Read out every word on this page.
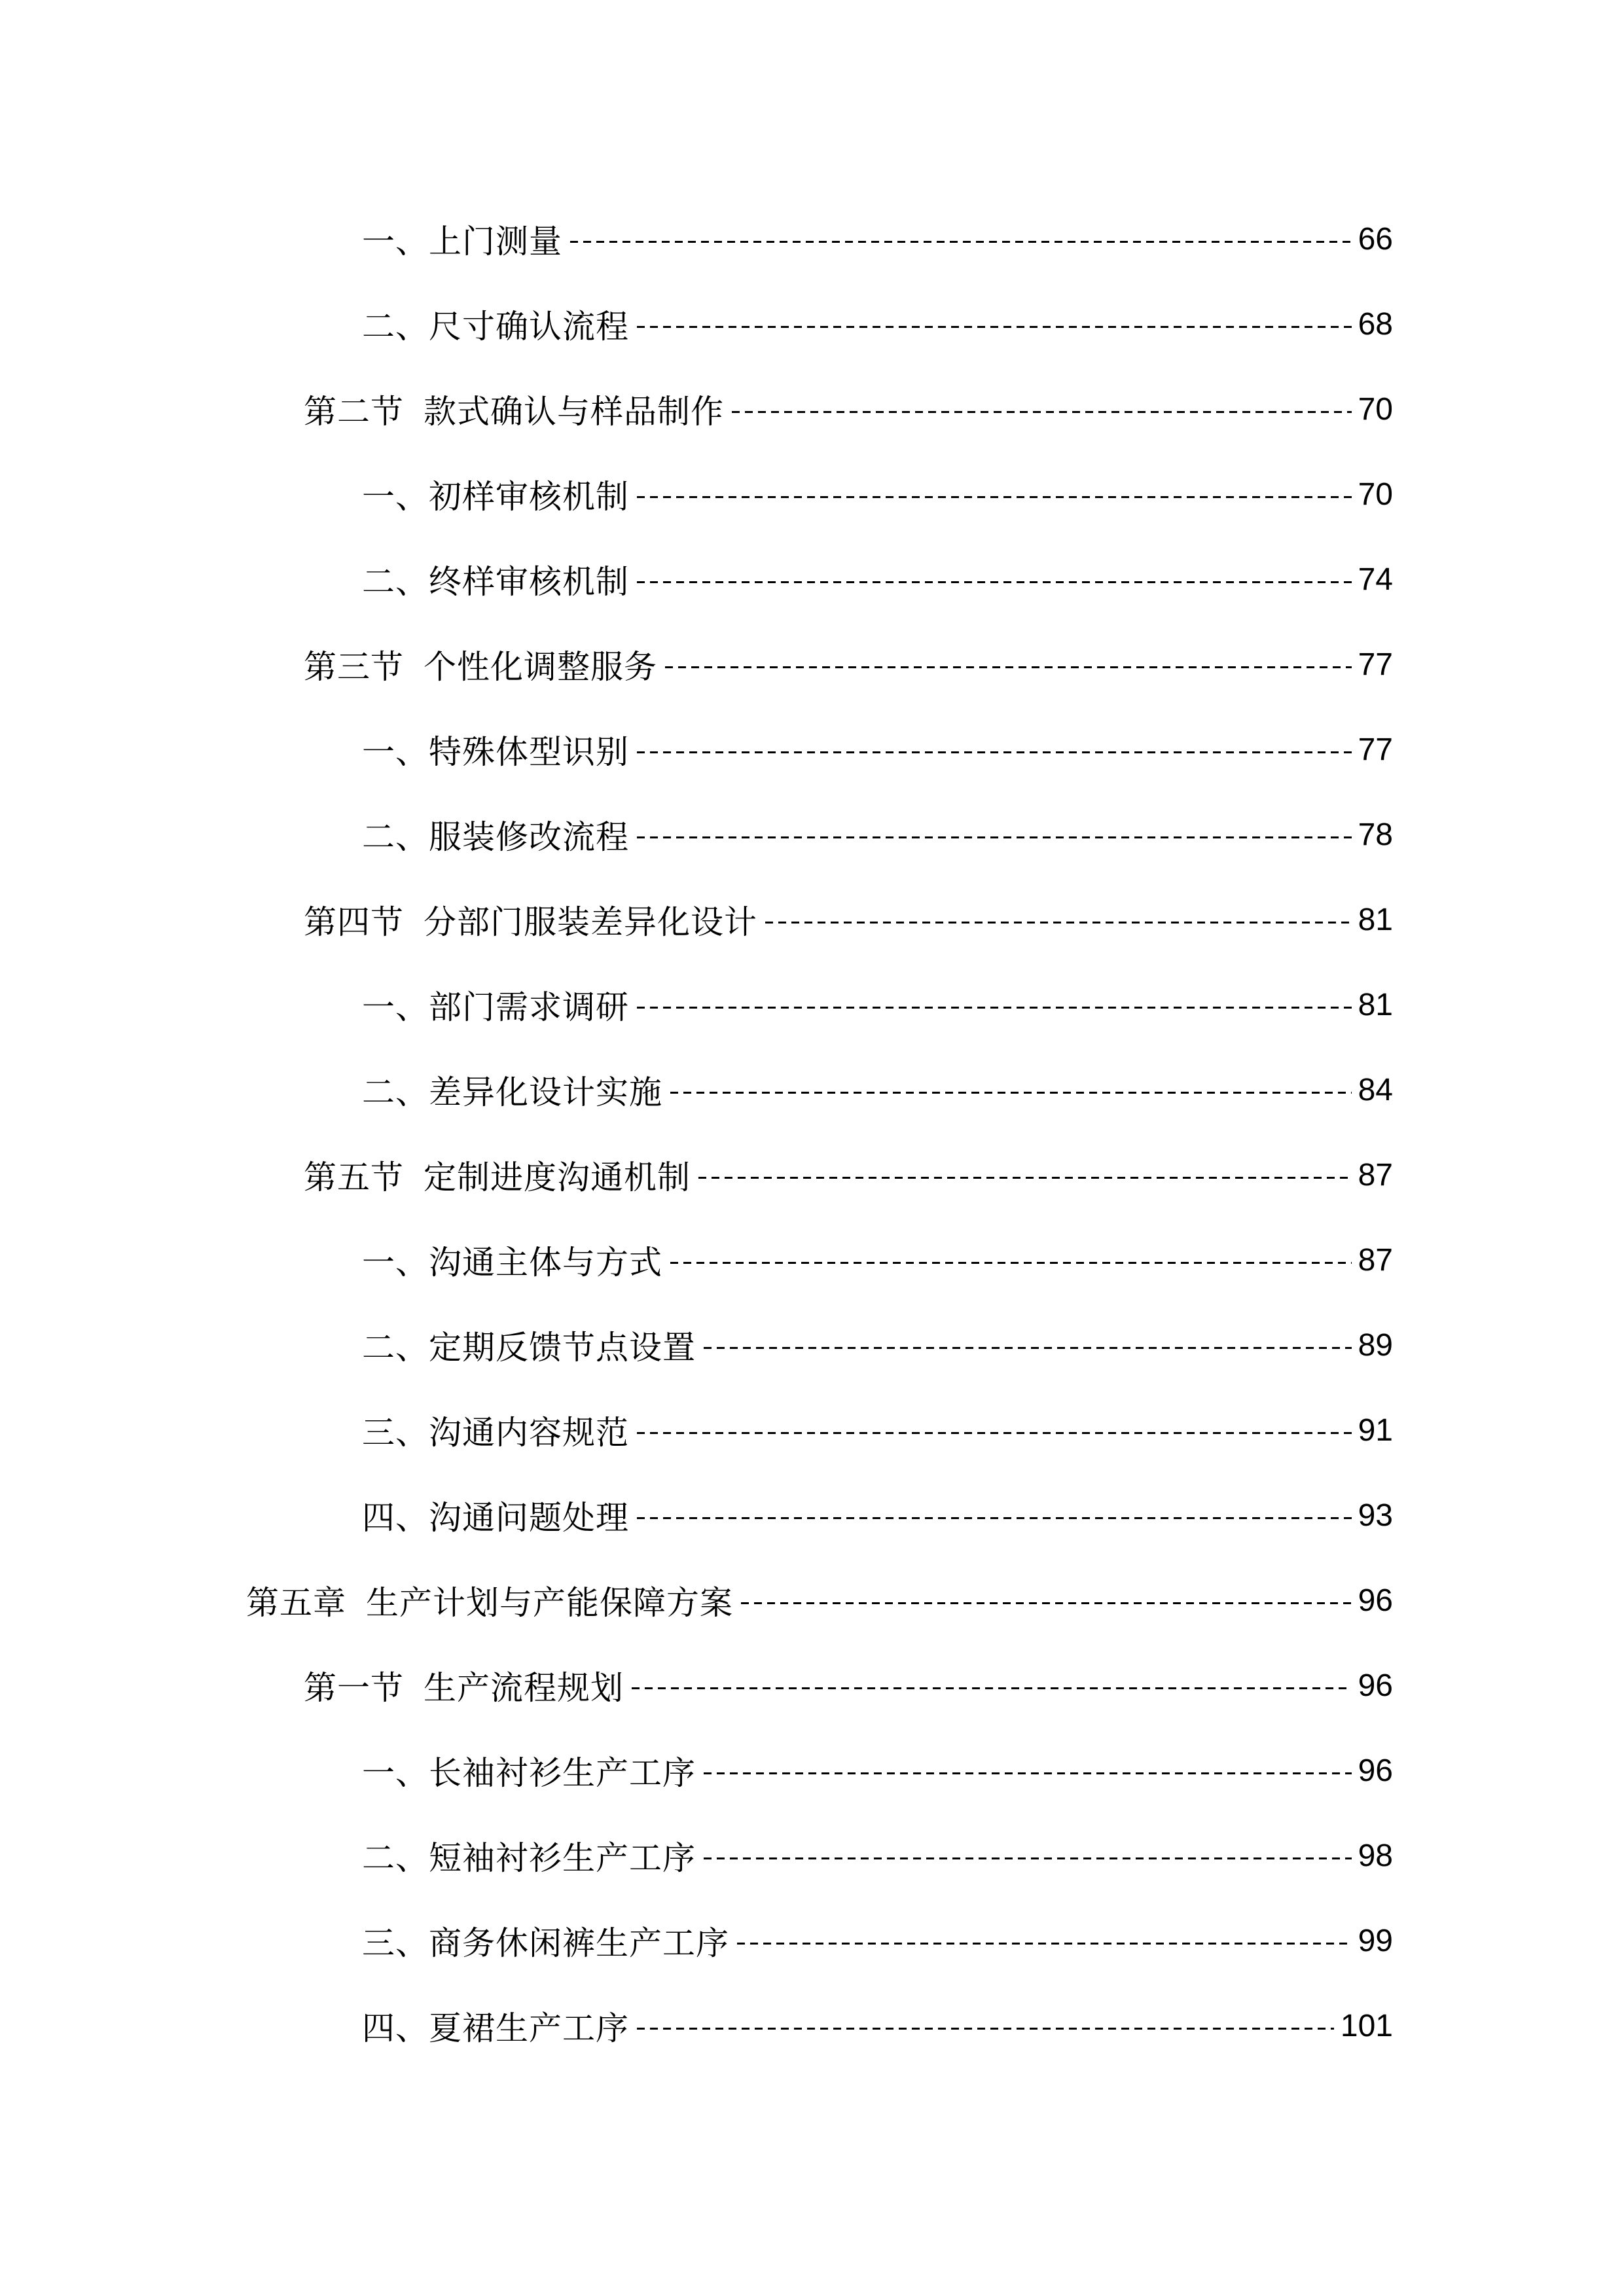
一、上门测量	66
二、尺寸确认流程	68
第二节 款式确认与样品制作	70
一、初样审核机制	70
二、终样审核机制	74
第三节 个性化调整服务	77
一、特殊体型识别	77
二、服装修改流程	78
第四节 分部门服装差异化设计	81
一、部门需求调研	81
二、差异化设计实施	84
第五节 定制进度沟通机制	87
一、沟通主体与方式	87
二、定期反馈节点设置	89
三、沟通内容规范	91
四、沟通问题处理	93
第五章 生产计划与产能保障方案	96
第一节 生产流程规划	96
一、长袖衬衫生产工序	96
二、短袖衬衫生产工序	98
三、商务休闲裤生产工序	99
四、夏裙生产工序	101
